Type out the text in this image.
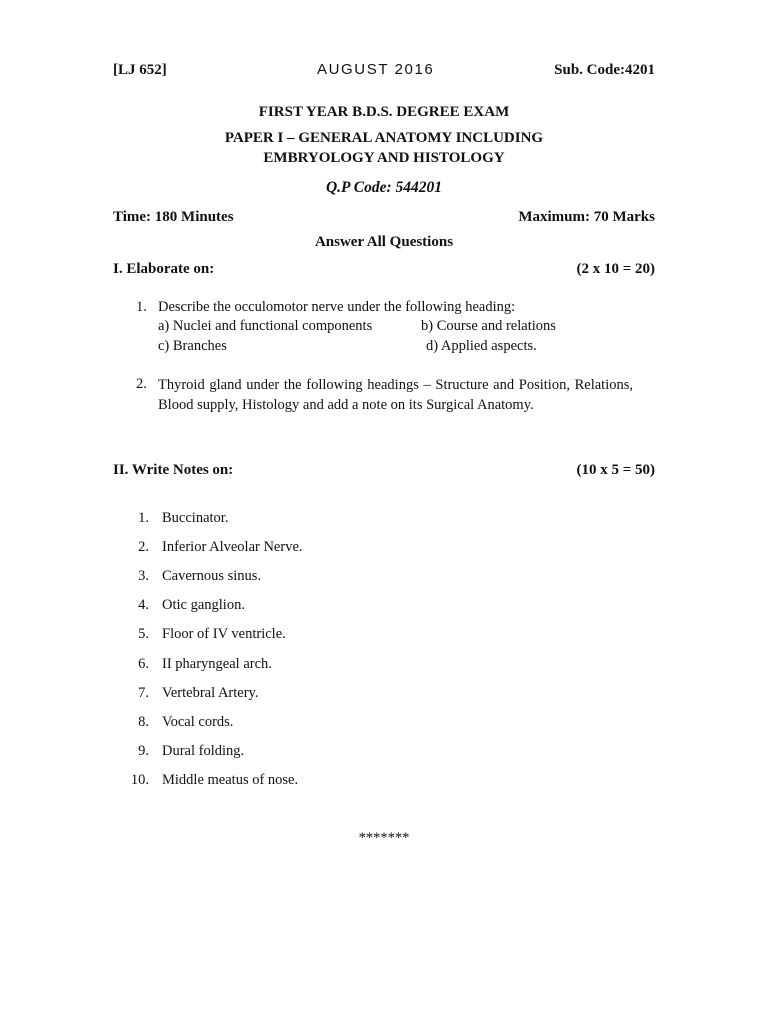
[LJ 652]	AUGUST 2016	Sub. Code:4201
FIRST YEAR B.D.S. DEGREE EXAM
PAPER I – GENERAL ANATOMY INCLUDING
EMBRYOLOGY AND HISTOLOGY
Q.P Code: 544201
Time: 180 Minutes	Maximum: 70 Marks
Answer All Questions
I. Elaborate on:	(2 x 10 = 20)
1. Describe the occulomotor nerve under the following heading:
a) Nuclei and functional components	b) Course and relations
c) Branches	d) Applied aspects.
2. Thyroid gland under the following headings – Structure and Position, Relations, Blood supply, Histology and add a note on its Surgical Anatomy.
II. Write Notes on:	(10 x 5 = 50)
1. Buccinator.
2. Inferior Alveolar Nerve.
3. Cavernous sinus.
4. Otic ganglion.
5. Floor of IV ventricle.
6. II pharyngeal arch.
7. Vertebral Artery.
8. Vocal cords.
9. Dural folding.
10. Middle meatus of nose.
*******
